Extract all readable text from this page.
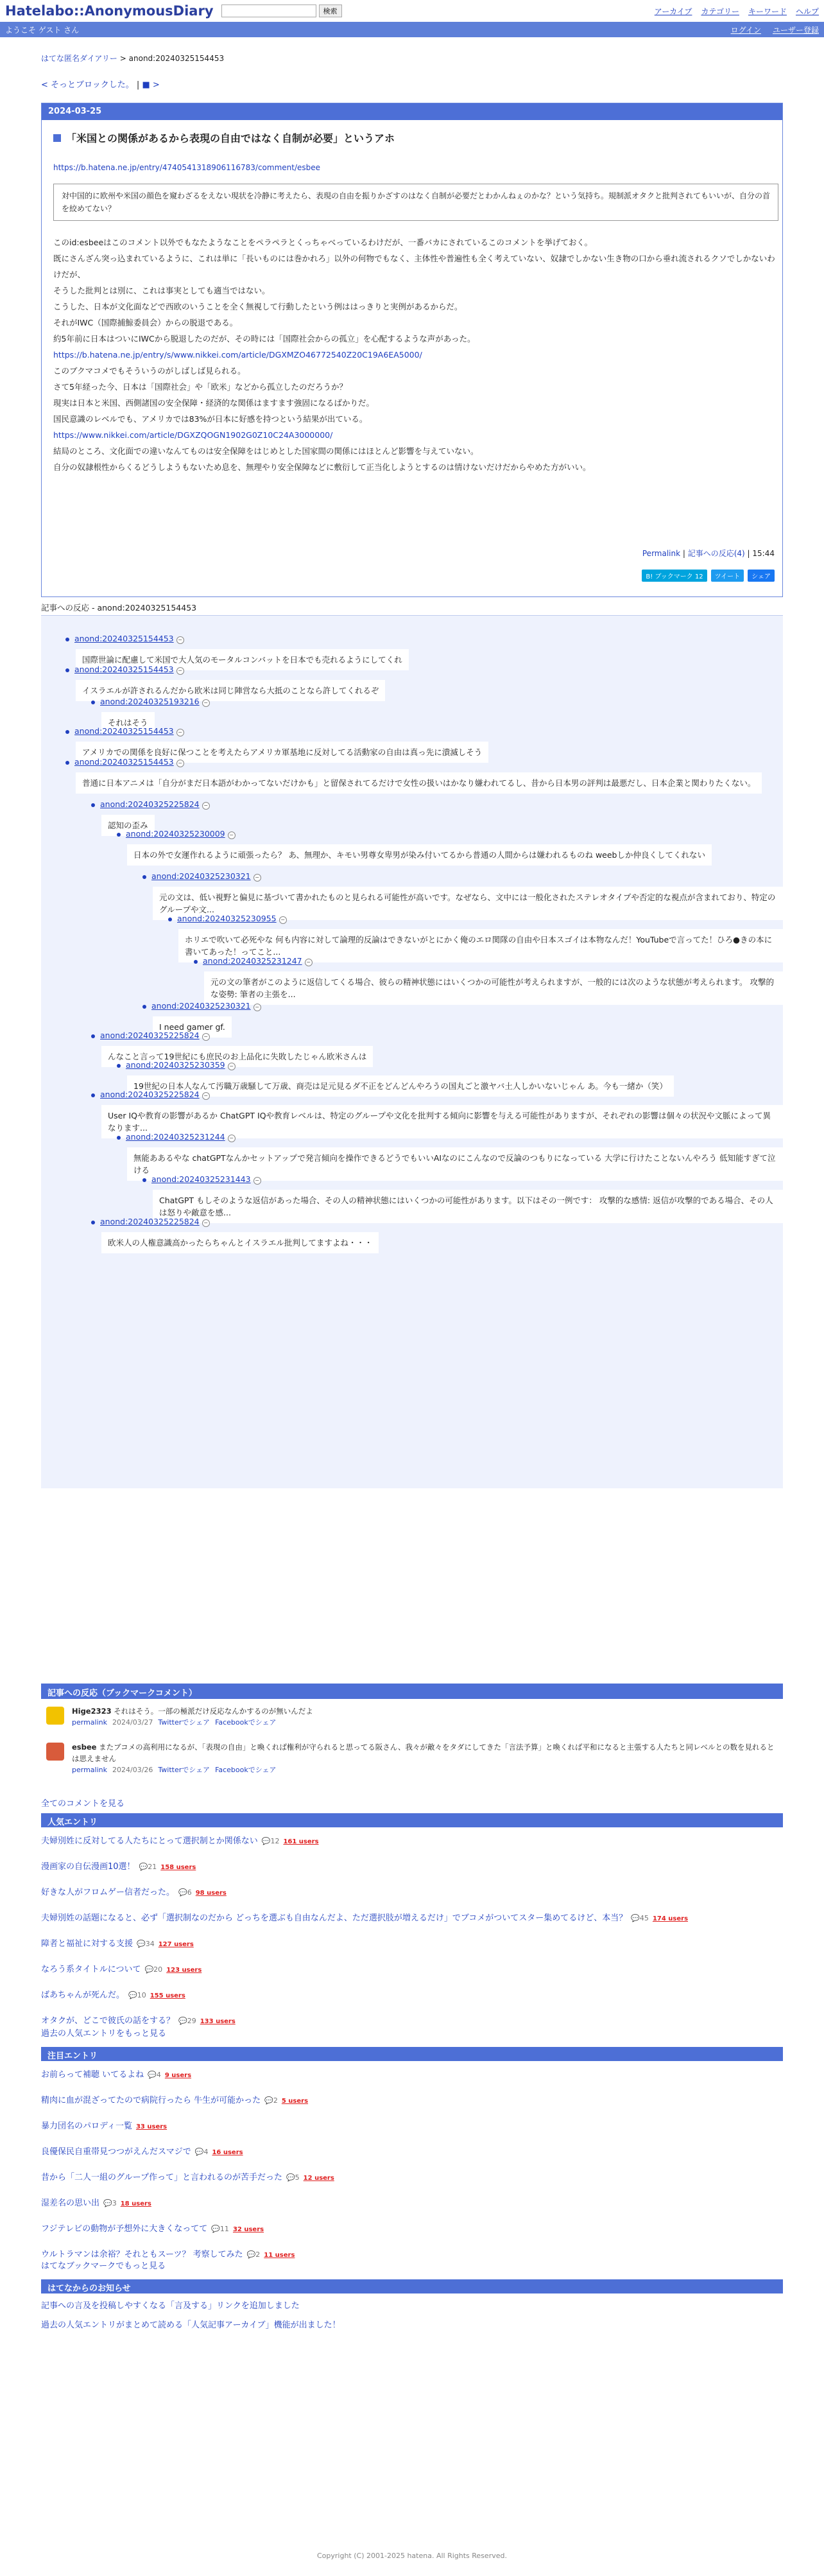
Hatelabo::AnonymousDiary	検索	アーカイブ カテゴリー キーワード ヘルプ
ようこそ ゲスト さん	ログイン ユーザー登録
はてな匿名ダイアリー > anond:20240325154453
< そっとブロックした。 | ■ >
2024-03-25
「米国との関係があるから表現の自由ではなく自制が必要」というアホ
https://b.hatena.ne.jp/entry/4740541318906116783/comment/esbee
対中国的に欧州や米国の顔色を窺わざるをえない現状を冷静に考えたら、表現の自由を振りかざすのはなく自制が必要だとわかんねぇのかな？という気持ち。規制派オタクと批判されてもいいが、自分の首を絞めてない？
このid:esbeeはこのコメント以外でもなたようなことをペラペラとくっちゃべっているわけだが、一番バカにされているこのコメントを挙げておく。
既にさんざん突っ込まれているように、これは単に「長いものには巻かれろ」以外の何物でもなく、主体性や普遍性も全く考えていない、奴隷でしかない生き物の口から垂れ流されるクソでしかないわけだが、
そうした批判とは別に、これは事実としても適当ではない。
こうした、日本が文化面などで西欧のいうことを全く無視して行動したという例ははっきりと実例があるからだ。
それがIWC（国際捕鯨委員会）からの脱退である。
約5年前に日本はついにIWCから脱退したのだが、その時には「国際社会からの孤立」を心配するような声があった。
https://b.hatena.ne.jp/entry/s/www.nikkei.com/article/DGXMZO46772540Z20C19A6EA5000/
このブクマコメでもそういうのがしばしば見られる。
さて5年経った今、日本は「国際社会」や「欧米」などから孤立したのだろうか？
現実は日本と米国、西側諸国の安全保障・経済的な関係はますます強固になるばかりだ。
国民意識のレベルでも、アメリカでは83%が日本に好感を持つという結果が出ている。
https://www.nikkei.com/article/DGXZQOGN1902G0Z10C24A3000000/
結局のところ、文化面での違いなんてものは安全保障をはじめとした国家間の関係にはほとんど影響を与えていない。
自分の奴隷根性からくるどうしようもないため息を、無理やり安全保障などに敷衍して正当化しようとするのは情けないだけだからやめた方がいい。
Permalink | 記事への反応(4) | 15:44
B! ブックマーク 12	ツイート	シェア
記事への反応 - anond:20240325154453
anond:20240325154453 −
国際世論に配慮して米国で大人気のモータルコンバットを日本でも売れるようにしてくれ
anond:20240325154453 −
イスラエルが許されるんだから欧米は同じ陣営なら大抵のことなら許してくれるぞ
anond:20240325193216 −
それはそう
anond:20240325154453 −
アメリカでの関係を良好に保つことを考えたらアメリカ軍基地に反対してる活動家の自由は真っ先に潰滅しそう
anond:20240325154453 −
普通に日本アニメは「自分がまだ日本語がわかってないだけかも」と留保されてるだけで女性の扱いはかなり嫌われてるし、昔から日本男の評判は最悪だし、日本企業と関わりたくない。
anond:20240325225824 −
認知の歪み
anond:20240325230009 −
日本の外で女運作れるように頑張ったら？ あ、無理か、キモい男尊女卑男が染み付いてるから普通の人間からは嫌われるものね weebしか仲良くしてくれない
anond:20240325230321 −
元の文は、低い視野と偏見に基づいて書かれたものと見られる可能性が高いです。なぜなら、文中には一般化されたステレオタイプや否定的な視点が含まれており、特定のグループや文...
anond:20240325230955 −
ホリエで吹いて必死やな 何も内容に対して論理的反論はできないがとにかく俺のエロ関隊の自由や日本スゴイは本物なんだ！YouTubeで言ってた！ひろ●きの本に書いてあった！ってこと...
anond:20240325231247 −
元の文の筆者がこのように返信してくる場合、彼らの精神状態にはいくつかの可能性が考えられますが、一般的には次のような状態が考えられます。 攻撃的な姿勢: 筆者の主張を...
anond:20240325230321 −
I need gamer gf.
anond:20240325225824 −
んなこと言って19世紀にも庶民のお上品化に失敗したじゃん欧米さんは
anond:20240325230359 −
19世紀の日本人なんて汚職万歳騒して万歳、商売は足元見るダ不正をどんどんやろうの国丸ごと激ヤバ土人しかいないじゃん あ。今も一緒か（笑）
anond:20240325225824 −
User IQや教育の影響があるか ChatGPT IQや教育レベルは、特定のグループや文化を批判する傾向に影響を与える可能性がありますが、それぞれの影響は個々の状況や文脈によって異なります...
anond:20240325231244 −
無能ああるやな chatGPTなんかセットアップで発言傾向を操作できるどうでもいいAIなのにこんなので反論のつもりになっている 大学に行けたことないんやろう 低知能すぎて泣ける
anond:20240325231443 −
ChatGPT もしそのような返信があった場合、その人の精神状態にはいくつかの可能性があります。以下はその一例です： 攻撃的な感情: 返信が攻撃的である場合、その人は怒りや敵意を感...
anond:20240325225824 −
欧米人の人権意識高かったらちゃんとイスラエル批判してますよね・・・
記事への反応（ブックマークコメント）
Hige2323 それはそう。一部の極派だけ反応なんかするのが無いんだよ
permalink 2024/03/27 Twitterでシェア Facebookでシェア
esbee またブコメの高利用になるが、「表現の自由」と喚くれば権利が守られると思ってる阪さん、我々が敵々をタダにしてきた「言法予算」と喚くれば平和になると主張する人たちと同レベルとの数を見れるとは思えません
permalink 2024/03/26 Twitterでシェア Facebookでシェア
全てのコメントを見る
人気エントリ
夫婦別姓に反対してる人たちにとって選択制とか関係ない 💬12 161 users
漫画家の自伝漫画10選！ 💬21 158 users
好きな人がフロムゲー信者だった。 💬6 98 users
夫婦別姓の話題になると、必ず「選択制なのだから どっちを選ぶも自由なんだよ、ただ選択肢が増えるだけ」でブコメがついてスター集めてるけど、本当？ 💬45 174 users
障者と福祉に対する支援 💬34 127 users
なろう系タイトルについて 💬20 123 users
ばあちゃんが死んだ。 💬10 155 users
オタクが、どこで彼氏の話をする？ 💬29 133 users
過去の人気エントリをもっと見る
注目エントリ
お前らって補聴 いてるよね 💬4 9 users
精肉に血が混ざってたので病院行ったら 牛生が可能かった 💬2 5 users
暴力団名のパロディ一覧 33 users
良優保民自重帯見つつがえんだスマジで 💬4 16 users
昔から「二人一組のグループ作って」と言われるのが苦手だった 💬5 12 users
湿差名の思い出 💬3 18 users
フジテレビの動物が予想外に大きくなってて 💬11 32 users
ウルトラマンは余裕？それともスーツ？ 考察してみた 💬2 11 users
はてなブックマークでもっと見る
はてなからのお知らせ
記事への言及を投稿しやすくなる「言及する」リンクを追加しました
過去の人気エントリがまとめて読める「人気記事アーカイブ」機能が出ました！
Copyright (C) 2001-2025 hatena. All Rights Reserved.
